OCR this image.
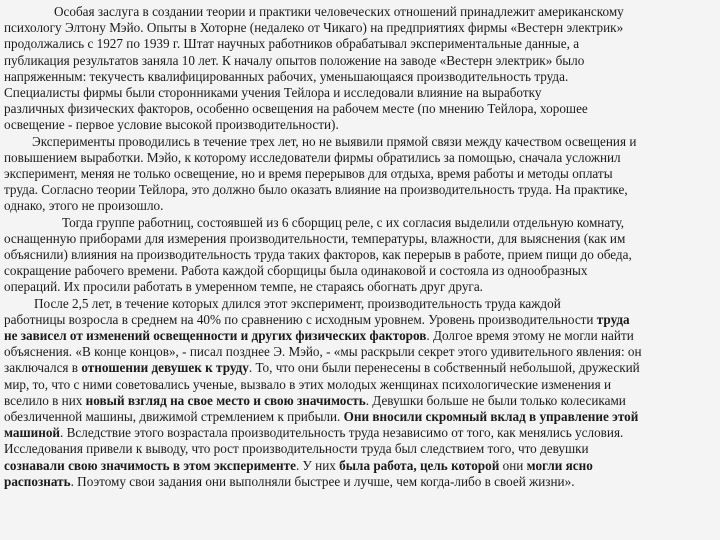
Особая заслуга в создании теории и практики человеческих отношений принадлежит американскому
психологу Элтону Мэйо. Опыты в Хоторне (недалеко от Чикаго) на предприятиях фирмы «Вестерн электрик»
продолжались с 1927 по 1939 г. Штат научных работников обрабатывал экспериментальные данные, а
публикация результатов заняла 10 лет. К началу опытов положение на заводе «Вестерн электрик» было
напряженным: текучесть квалифицированных рабочих, уменьшающаяся производительность труда.
Специалисты фирмы были сторонниками учения Тейлора и исследовали влияние на выработку
различных физических факторов, особенно освещения на рабочем месте (по мнению Тейлора, хорошее
освещение - первое условие высокой производительности).
Эксперименты проводились в течение трех лет, но не выявили прямой связи между качеством освещения и
повышением выработки. Мэйо, к которому исследователи фирмы обратились за помощью, сначала усложнил
эксперимент, меняя не только освещение, но и время перерывов для отдыха, время работы и методы оплаты
труда. Согласно теории Тейлора, это должно было оказать влияние на производительность труда. На практике,
однако, этого не произошло.
Тогда группе работниц, состоявшей из 6 сборщиц реле, с их согласия выделили отдельную комнату,
оснащенную приборами для измерения производительности, температуры, влажности, для выяснения (как им
объяснили) влияния на производительность труда таких факторов, как перерыв в работе, прием пищи до обеда,
сокращение рабочего времени. Работа каждой сборщицы была одинаковой и состояла из однообразных
операций. Их просили работать в умеренном темпе, не стараясь обогнать друг друга.
После 2,5 лет, в течение которых длился этот эксперимент, производительность труда каждой
работницы возросла в среднем на 40% по сравнению с исходным уровнем. Уровень производительности труда
не зависел от изменений освещенности и других физических факторов. Долгое время этому не могли найти
объяснения. «В конце концов», - писал позднее Э. Мэйо, - «мы раскрыли секрет этого удивительного явления: он
заключался в отношении девушек к труду. То, что они были перенесены в собственный небольшой, дружеский
мир, то, что с ними советовались ученые, вызвало в этих молодых женщинах психологические изменения и
вселило в них новый взгляд на свое место и свою значимость. Девушки больше не были только колесиками
обезличенной машины, движимой стремлением к прибыли. Они вносили скромный вклад в управление этой
машиной. Вследствие этого возрастала производительность труда независимо от того, как менялись условия.
Исследования привели к выводу, что рост производительности труда был следствием того, что девушки
сознавали свою значимость в этом эксперименте. У них была работа, цель которой они могли ясно
распознать. Поэтому свои задания они выполняли быстрее и лучше, чем когда-либо в своей жизни».
